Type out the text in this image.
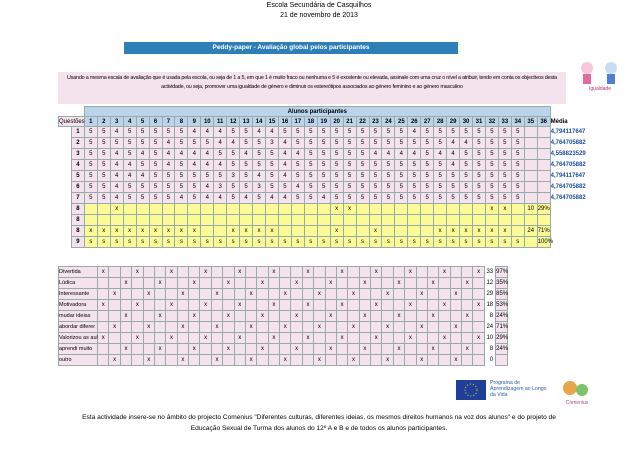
Escola Secundária de Casquilhos
21 de novembro de 2013
Peddy-paper - Avaliação global pelos participantes
Usando a mesma escala de avaliação que é usada pela escola, ou seja de 1 a 5, em que 1 é muito fraco ou nenhuma e 5 é excelente ou elevada, assinale com uma cruz o nível a atribuir, tendo em conta os objectivos desta actividade, ou seja, promover uma igualdade de género e diminuir os estereótipos associados ao género feminino e ao género masculino	Igualdade
		Alunos participantes																																				
Questões		1	2	3	4	5	6	7	8	9	10	11	12	13	14	15	16	17	18	19	20	21	22	23	24	25	26	27	28	29	30	31	32	33	34	35	36	Média
	1	5	5	4	5	5	5	5	5	4	4	4	5	5	4	4	5	5	5	5	5	5	5	5	5	5	4	5	5	5	5	5	5	5	5			4,794117647
	2	5	5	5	5	5	5	4	5	5	5	4	4	5	5	3	4	5	5	5	5	5	5	5	5	5	5	5	5	4	4	5	5	5	5			4,764705882
	3	5	5	4	5	4	5	4	4	4	4	5	5	4	5	5	4	4	5	5	5	5	5	4	4	4	4	5	4	4	5	5	5	5	5			4,558823529
	4	5	5	4	4	5	5	4	5	4	4	4	5	5	5	5	4	5	5	5	5	5	5	5	5	5	5	5	5	4	5	5	5	5	5			4,764705882
	5	5	5	4	4	4	5	5	5	5	5	5	3	5	4	5	4	5	5	5	5	5	5	5	5	5	5	5	5	5	5	5	5	5	5			4,794117647
	6	5	5	4	5	5	5	5	5	5	4	3	5	5	3	5	5	4	5	5	5	5	5	5	5	5	5	5	5	5	5	5	5	5	5			4,764705882
	7	5	5	4	5	5	5	5	4	5	4	4	5	4	5	4	4	5	5	4	5	5	5	5	5	5	5	5	5	5	5	5	5	5	5			4,764705882
	8			x																	x	x											x	x		10	29%	
	8																																					
	8	x	x	x	x	x	x	x	x	x			x	x	x	x					x			x					x	x	x	x	x	x		24	71%	
	9	s	s	s	s	s	s	s	s	s	s	s	s	s	s	s	s	s	s	s	s	s	s	s	s	s	s	s	s	s	s	s	s	s	s		100%	
Divertida	x			x			x			x			x			x			x			x			x			x			x			x	33	97%
Lúdica			x			x			x			x			x			x			x			x			x			x			x		12	35%
Interessante		x			x			x			x			x			x			x			x			x			x			x			29	85%
Motivadora	x			x			x			x			x			x			x			x			x			x			x			x	18	53%
mudar ideias			x			x			x			x			x			x			x			x			x			x			x		8	24%
abordar diferer		x			x			x			x			x			x			x			x			x			x			x			24	71%
Valorizou as aul	x			x			x			x			x			x			x			x			x			x			x			x	10	29%
aprendi muito			x			x			x			x			x			x			x			x			x			x			x		8	24%
outro		x			x			x			x			x			x			x			x			x			x			x			0	
Programa de Aprendizagem ao Longo da Vida
Comenius
Esta actividade insere-se no âmbito do projecto Comenius "Diferentes culturas, diferentes ideias, os mesmos direitos humanos na voz dos alunos" e do projeto de
Educação Sexual de Turma dos alunos do 12º A e B e de todos os alunos participantes.
